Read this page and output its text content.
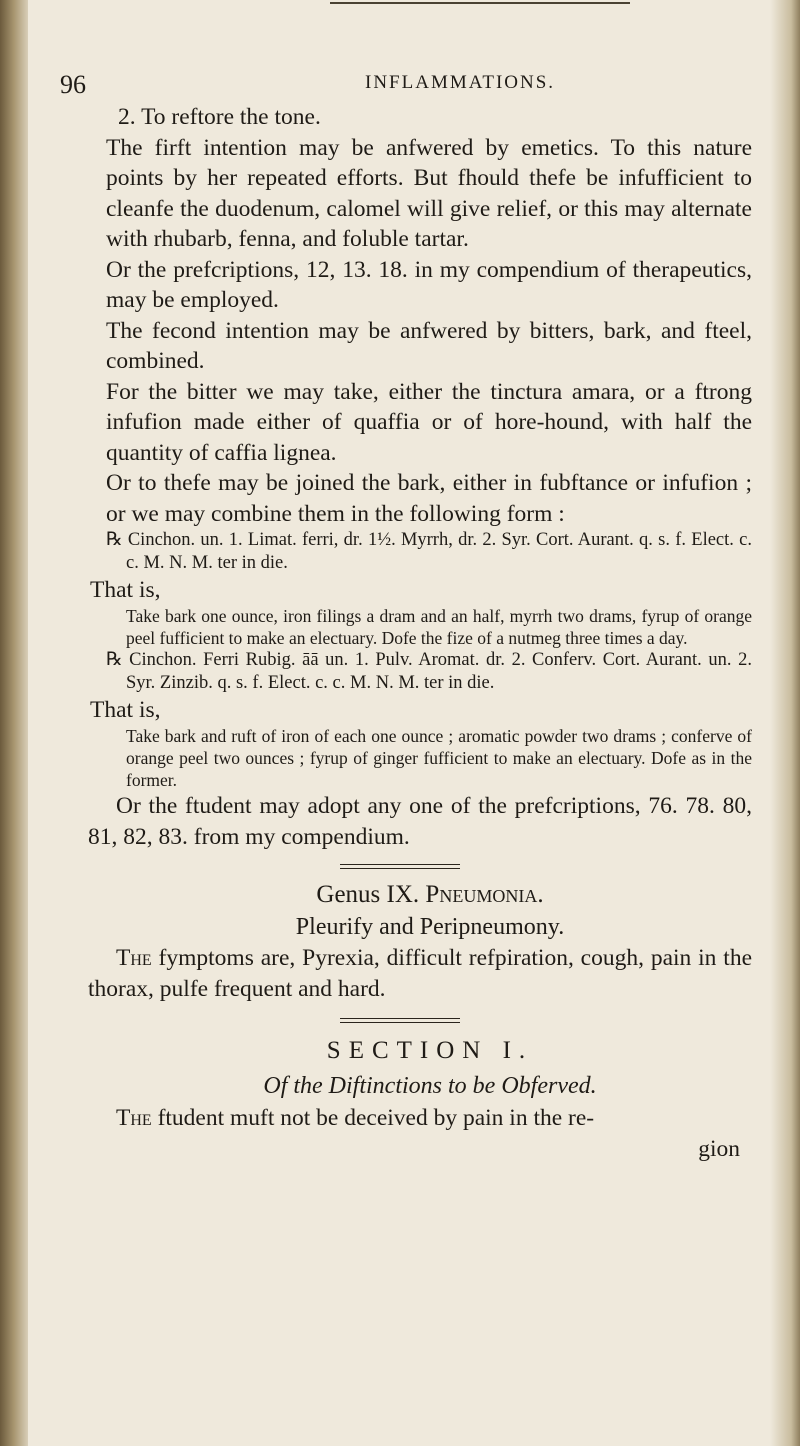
96	INFLAMMATIONS.

2. To reftore the tone.

The firft intention may be anfwered by emetics. To this nature points by her repeated efforts. But fhould thefe be infufficient to cleanfe the duodenum, calomel will give relief, or this may alternate with rhubarb, fenna, and foluble tartar.

Or the prefcriptions, 12, 13. 18. in my compendium of therapeutics, may be employed.

The fecond intention may be anfwered by bitters, bark, and fteel, combined.

For the bitter we may take, either the tinctura amara, or a ftrong infufion made either of quaffia or of hore-hound, with half the quantity of caffia lignea.

Or to thefe may be joined the bark, either in fubftance or infufion ; or we may combine them in the following form :

℞ Cinchon. un. 1. Limat. ferri, dr. 1½. Myrrh, dr. 2. Syr. Cort. Aurant. q. s. f. Elect. c. c. M. N. M. ter in die.

That is,

Take bark one ounce, iron filings a dram and an half, myrrh two drams, fyrup of orange peel fufficient to make an electuary. Dofe the fize of a nutmeg three times a day.

℞ Cinchon. Ferri Rubig. āā un. 1. Pulv. Aromat. dr. 2. Conferv. Cort. Aurant. un. 2. Syr. Zinzib. q. s. f. Elect. c. c. M. N. M. ter in die.

That is,

Take bark and ruft of iron of each one ounce ; aromatic powder two drams ; conferve of orange peel two ounces ; fyrup of ginger fufficient to make an electuary. Dofe as in the former.

Or the ftudent may adopt any one of the prefcriptions, 76. 78. 80, 81, 82, 83. from my compendium.

Genus IX. Pneumonia.

Pleurify and Peripneumony.

The fymptoms are, Pyrexia, difficult refpiration, cough, pain in the thorax, pulfe frequent and hard.

SECTION I.

Of the Diftinctions to be Obferved.

The ftudent muft not be deceived by pain in the re-

gion
